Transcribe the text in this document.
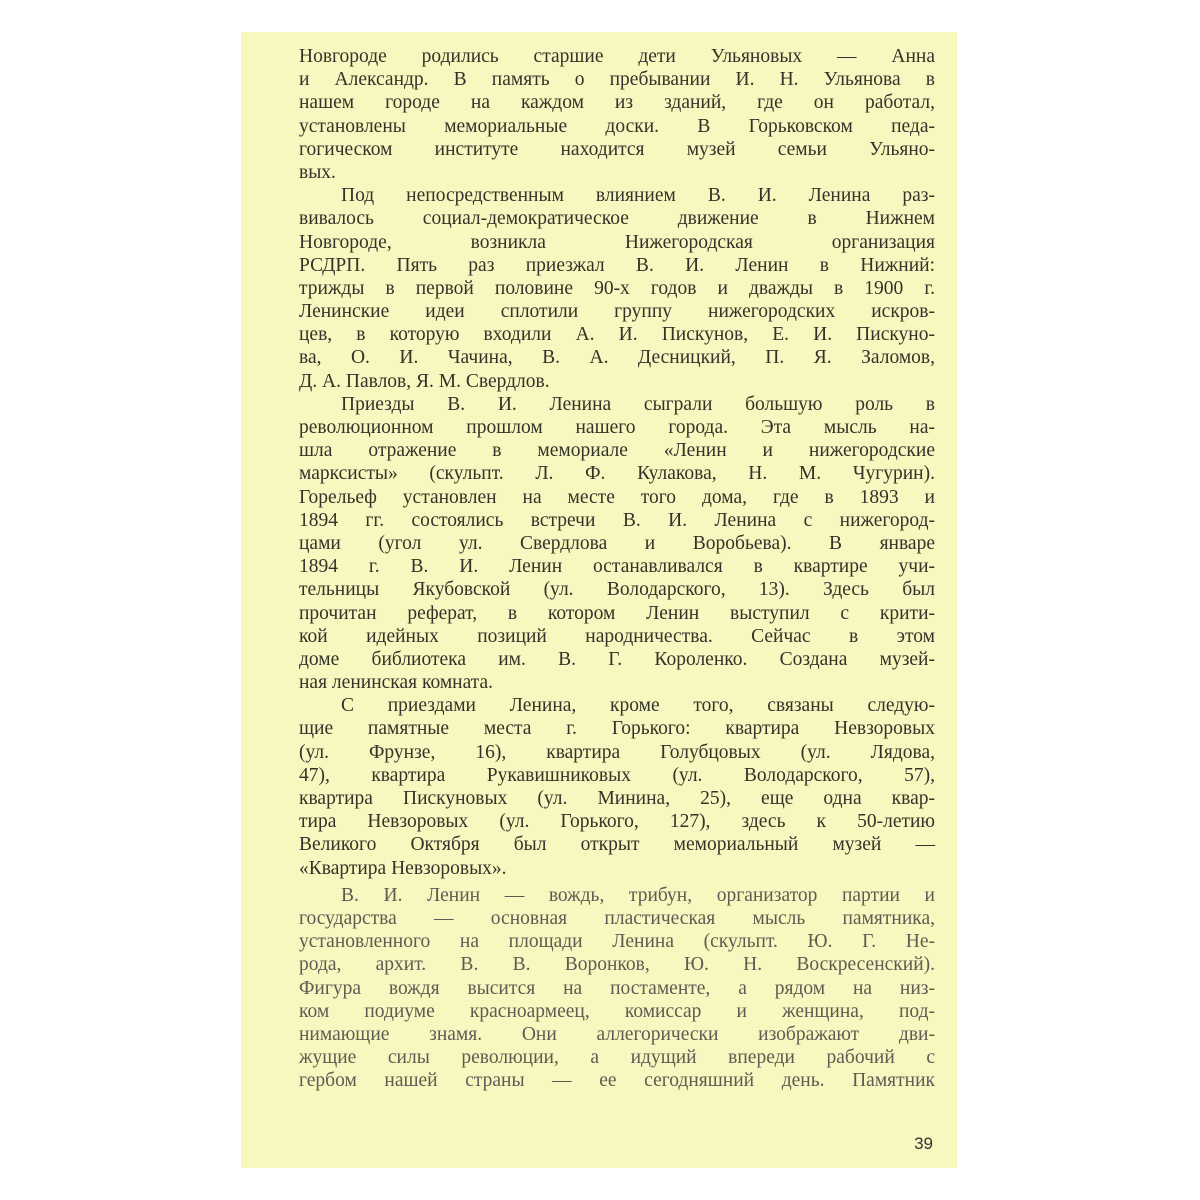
Новгороде родились старшие дети Ульяновых — Анна
и Александр. В память о пребывании И. Н. Ульянова в
нашем городе на каждом из зданий, где он работал,
установлены мемориальные доски. В Горьковском педа-
гогическом институте находится музей семьи Ульяно-
вых.
Под непосредственным влиянием В. И. Ленина раз-
вивалось социал-демократическое движение в Нижнем
Новгороде, возникла Нижегородская организация
РСДРП. Пять раз приезжал В. И. Ленин в Нижний:
трижды в первой половине 90-х годов и дважды в 1900 г.
Ленинские идеи сплотили группу нижегородских искров-
цев, в которую входили А. И. Пискунов, Е. И. Пискуно-
ва, О. И. Чачина, В. А. Десницкий, П. Я. Заломов,
Д. А. Павлов, Я. М. Свердлов.
Приезды В. И. Ленина сыграли большую роль в
революционном прошлом нашего города. Эта мысль на-
шла отражение в мемориале «Ленин и нижегородские
марксисты» (скульпт. Л. Ф. Кулакова, Н. М. Чугурин).
Горельеф установлен на месте того дома, где в 1893 и
1894 гг. состоялись встречи В. И. Ленина с нижегород-
цами (угол ул. Свердлова и Воробьева). В январе
1894 г. В. И. Ленин останавливался в квартире учи-
тельницы Якубовской (ул. Володарского, 13). Здесь был
прочитан реферат, в котором Ленин выступил с крити-
кой идейных позиций народничества. Сейчас в этом
доме библиотека им. В. Г. Короленко. Создана музей-
ная ленинская комната.
С приездами Ленина, кроме того, связаны следую-
щие памятные места г. Горького: квартира Невзоровых
(ул. Фрунзе, 16), квартира Голубцовых (ул. Лядова,
47), квартира Рукавишниковых (ул. Володарского, 57),
квартира Пискуновых (ул. Минина, 25), еще одна квар-
тира Невзоровых (ул. Горького, 127), здесь к 50-летию
Великого Октября был открыт мемориальный музей —
«Квартира Невзоровых».
В. И. Ленин — вождь, трибун, организатор партии и
государства — основная пластическая мысль памятника,
установленного на площади Ленина (скульпт. Ю. Г. Не-
рода, архит. В. В. Воронков, Ю. Н. Воскресенский).
Фигура вождя высится на постаменте, а рядом на низ-
ком подиуме красноармеец, комиссар и женщина, под-
нимающие знамя. Они аллегорически изображают дви-
жущие силы революции, а идущий впереди рабочий с
гербом нашей страны — ее сегодняшний день. Памятник
39
